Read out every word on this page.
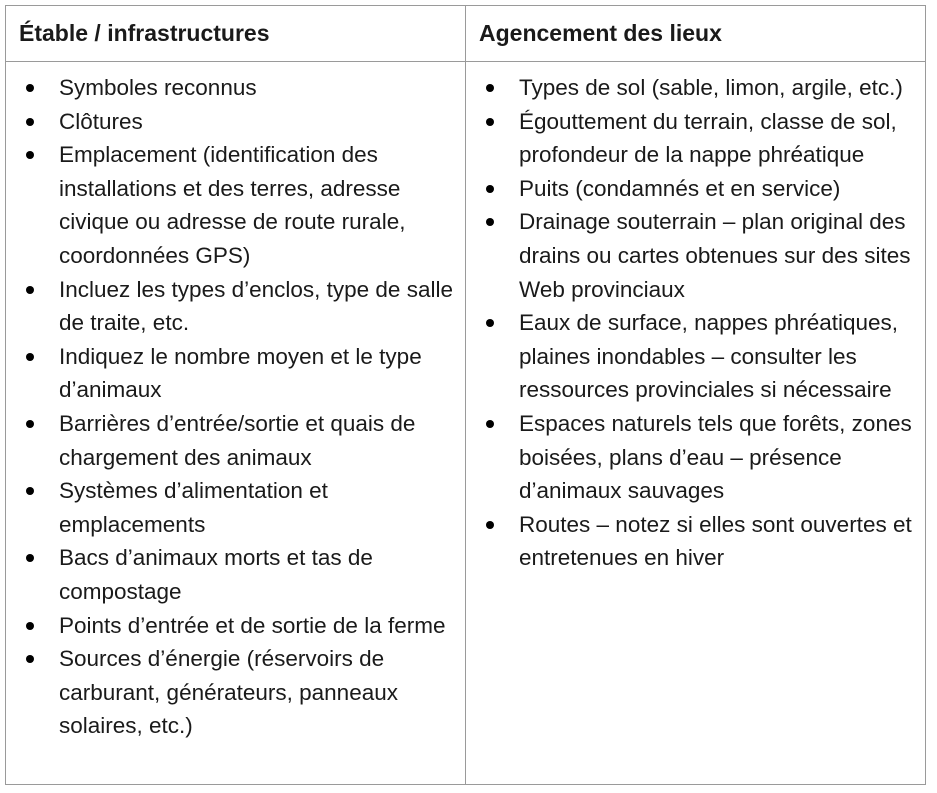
Étable / infrastructures	Agencement des lieux
Symboles reconnus
Clôtures
Emplacement (identification des installations et des terres, adresse civique ou adresse de route rurale, coordonnées GPS)
Incluez les types d’enclos, type de salle de traite, etc.
Indiquez le nombre moyen et le type d’animaux
Barrières d’entrée/sortie et quais de chargement des animaux
Systèmes d’alimentation et emplacements
Bacs d’animaux morts et tas de compostage
Points d’entrée et de sortie de la ferme
Sources d’énergie (réservoirs de carburant, générateurs, panneaux solaires, etc.)
Types de sol (sable, limon, argile, etc.)
Égouttement du terrain, classe de sol, profondeur de la nappe phréatique
Puits (condamnés et en service)
Drainage souterrain – plan original des drains ou cartes obtenues sur des sites Web provinciaux
Eaux de surface, nappes phréatiques, plaines inondables – consulter les ressources provinciales si nécessaire
Espaces naturels tels que forêts, zones boisées, plans d’eau – présence d’animaux sauvages
Routes – notez si elles sont ouvertes et entretenues en hiver
